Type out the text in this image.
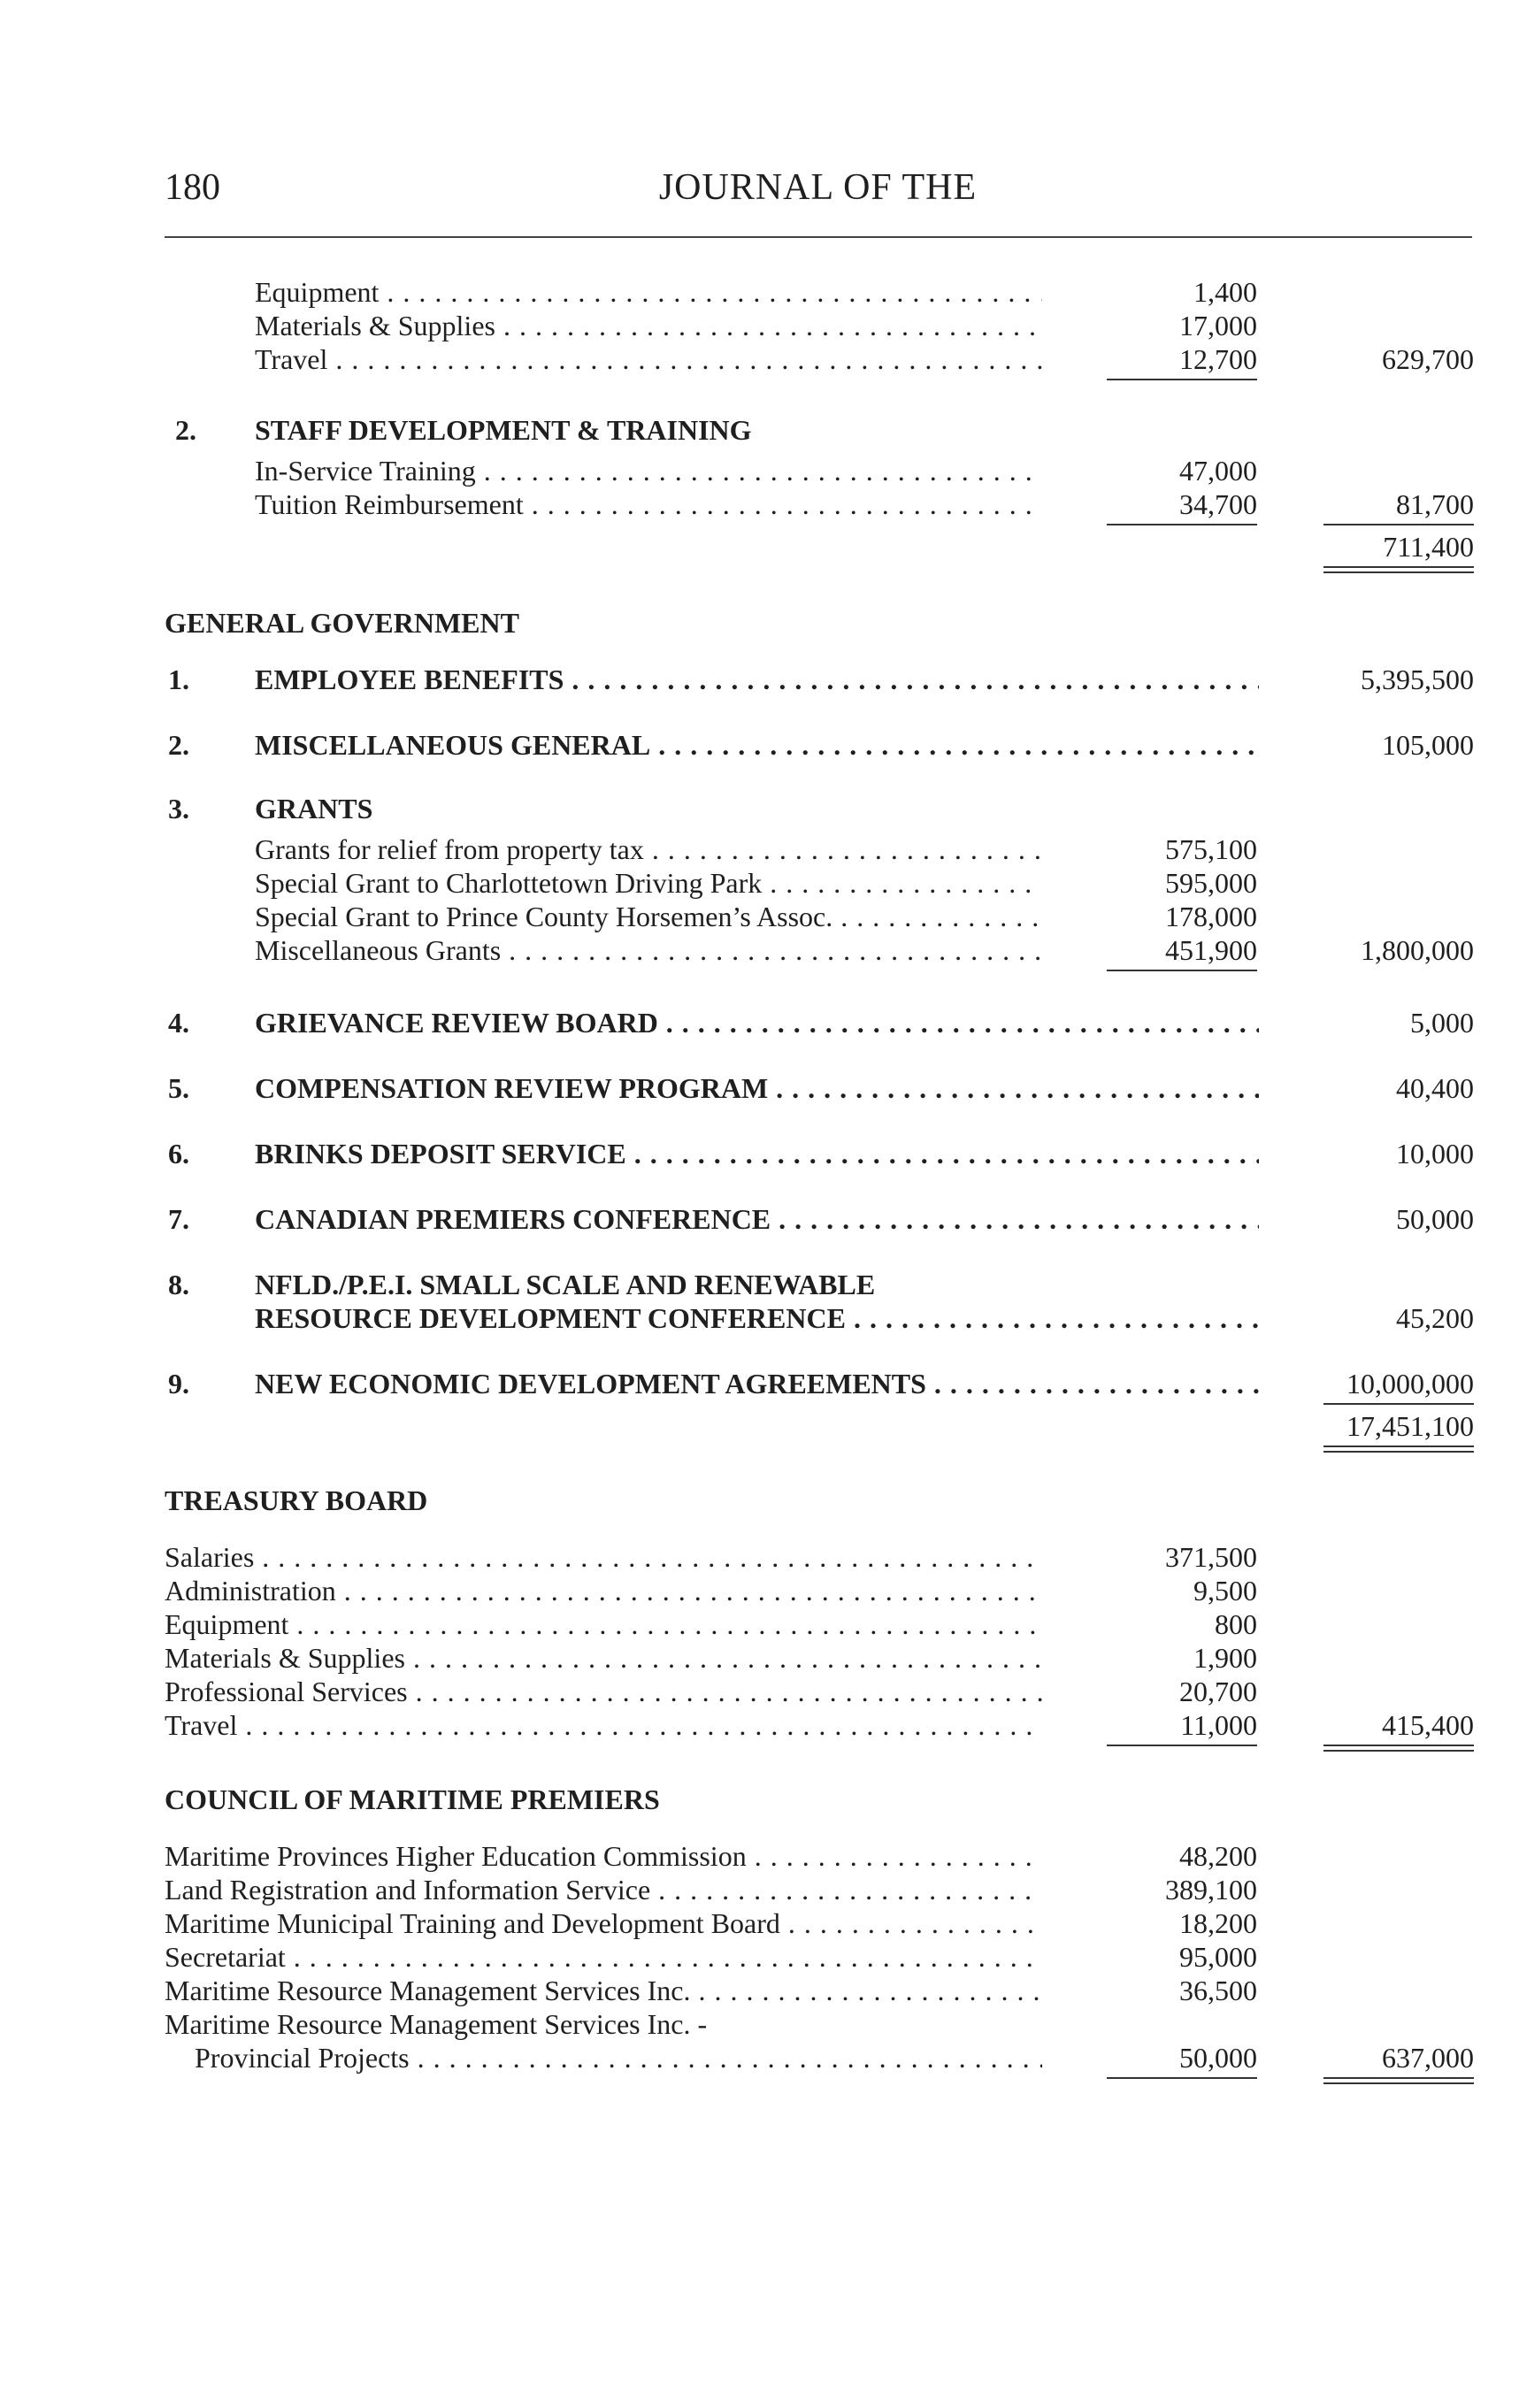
180	JOURNAL OF THE
Equipment . . .	1,400
Materials & Supplies . . .	17,000
Travel . . .	12,700	629,700
2. STAFF DEVELOPMENT & TRAINING
In-Service Training . . .	47,000
Tuition Reimbursement . . .	34,700	81,700
711,400
GENERAL GOVERNMENT
1. EMPLOYEE BENEFITS . . .	5,395,500
2. MISCELLANEOUS GENERAL . . .	105,000
3. GRANTS
Grants for relief from property tax . . .	575,100
Special Grant to Charlottetown Driving Park . . .	595,000
Special Grant to Prince County Horsemen’s Assoc. . . .	178,000
Miscellaneous Grants . . .	451,900	1,800,000
4. GRIEVANCE REVIEW BOARD . . .	5,000
5. COMPENSATION REVIEW PROGRAM . . .	40,400
6. BRINKS DEPOSIT SERVICE . . .	10,000
7. CANADIAN PREMIERS CONFERENCE . . .	50,000
8. NFLD./P.E.I. SMALL SCALE AND RENEWABLE
RESOURCE DEVELOPMENT CONFERENCE . . .	45,200
9. NEW ECONOMIC DEVELOPMENT AGREEMENTS . . .	10,000,000
17,451,100
TREASURY BOARD
Salaries . . .	371,500
Administration . . .	9,500
Equipment . . .	800
Materials & Supplies . . .	1,900
Professional Services . . .	20,700
Travel . . .	11,000	415,400
COUNCIL OF MARITIME PREMIERS
Maritime Provinces Higher Education Commission . . .	48,200
Land Registration and Information Service . . .	389,100
Maritime Municipal Training and Development Board . . .	18,200
Secretariat . . .	95,000
Maritime Resource Management Services Inc. . . .	36,500
Maritime Resource Management Services Inc. -
Provincial Projects . . .	50,000	637,000
